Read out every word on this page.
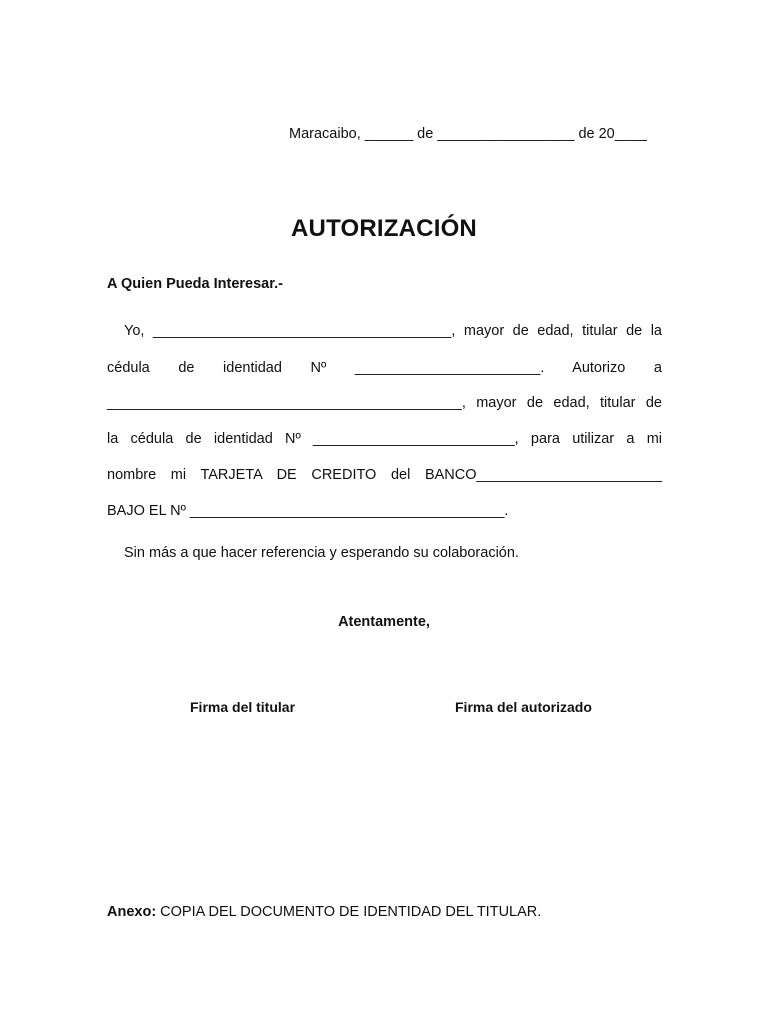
Maracaibo, ______ de _________________ de 20____
AUTORIZACIÓN
A Quien Pueda Interesar.-
Yo, _____________________________________, mayor de edad, titular de la
cédula de identidad Nº _______________________. Autorizo a
____________________________________________, mayor de edad, titular de
la cédula de identidad Nº _________________________, para utilizar a mi
nombre mi TARJETA DE CREDITO del BANCO_______________________
BAJO EL Nº _______________________________________.
Sin más a que hacer referencia y esperando su colaboración.
Atentamente,
Firma del titular	Firma del autorizado
Anexo: COPIA DEL DOCUMENTO DE IDENTIDAD DEL TITULAR.
